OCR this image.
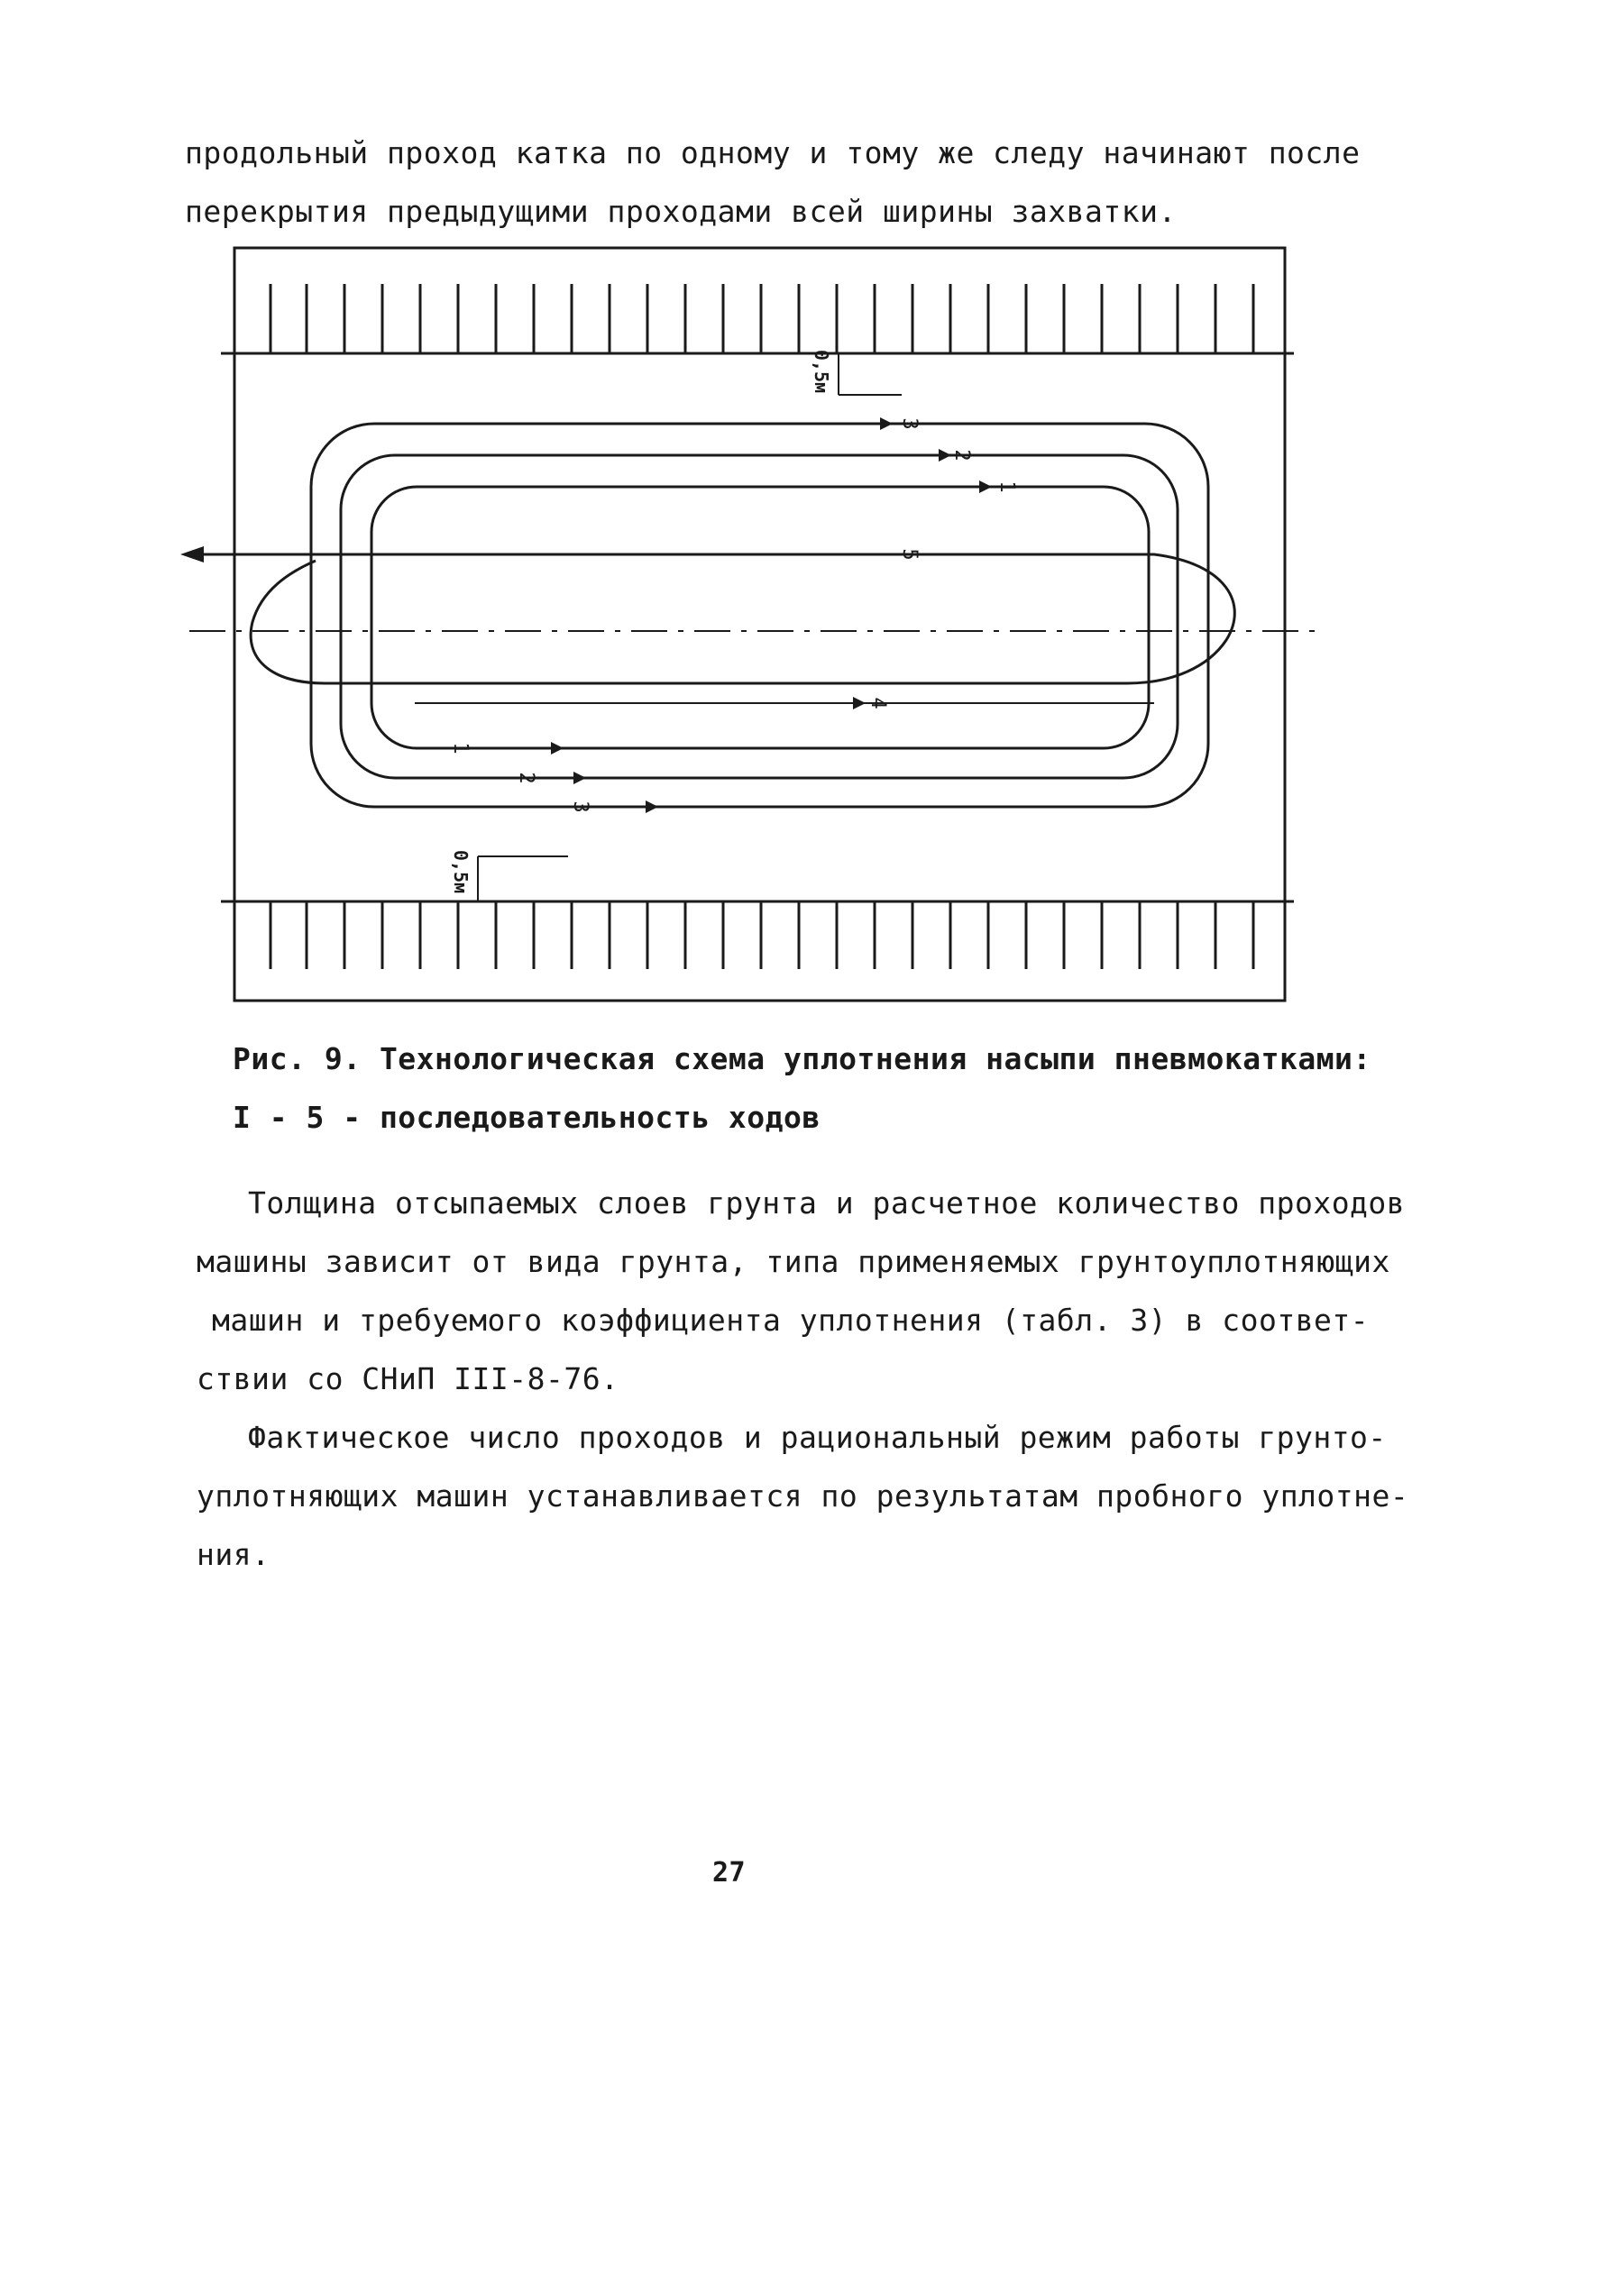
продольный проход катка по одному и тому же следу начинают после
перекрытия предыдущими проходами всей ширины захватки.
3
2
1
5
4
1
2
3
0,5м
0,5м
Рис. 9. Технологическая схема уплотнения насыпи пневмокатками:
I - 5 - последовательность ходов
Толщина отсыпаемых слоев грунта и расчетное количество проходов
машины зависит от вида грунта, типа применяемых грунтоуплотняющих
машин и требуемого коэффициента уплотнения (табл. 3) в соответ-
ствии со СНиП III-8-76.
Фактическое число проходов и рациональный режим работы грунто-
уплотняющих машин устанавливается по результатам пробного уплотне-
ния.
27
